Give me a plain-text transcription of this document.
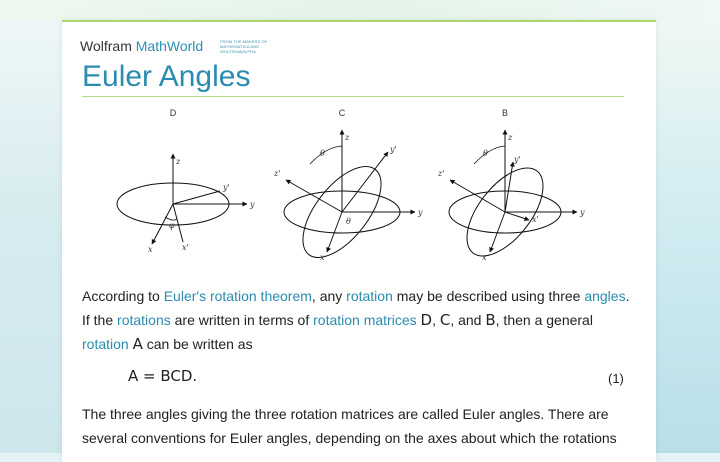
Wolfram MathWorld	FROM THE MAKERS OF MATHEMATICA AND WOLFRAM|ALPHA
Euler Angles
D
z
y
x
y'
x'
φ
C
z
y
x
z'
y'
θ
θ
B
z
y
x
z'
y'
x'
θ

According to Euler's rotation theorem, any rotation may be described using three angles. If the rotations are written in terms of rotation matrices D, C, and B, then a general rotation A can be written as

A = BCD.	(1)

The three angles giving the three rotation matrices are called Euler angles. There are several conventions for Euler angles, depending on the axes about which the rotations
